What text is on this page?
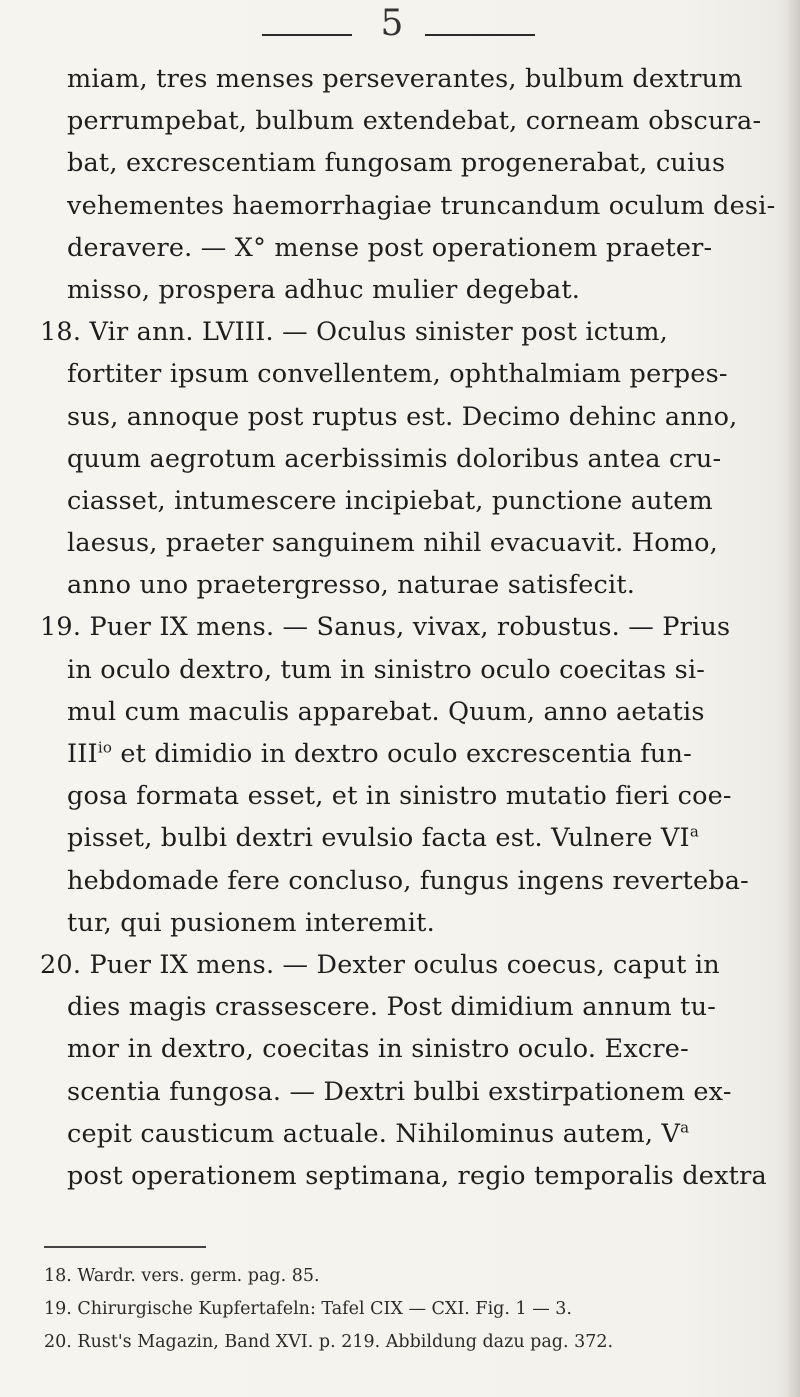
5
miam, tres menses perseverantes, bulbum dextrum
perrumpebat, bulbum extendebat, corneam obscura-
bat, excrescentiam fungosam progenerabat, cuius
vehementes haemorrhagiae truncandum oculum desi-
deravere. — X° mense post operationem praeter-
misso, prospera adhuc mulier degebat.
18. Vir ann. LVIII. — Oculus sinister post ictum,
fortiter ipsum convellentem, ophthalmiam perpes-
sus, annoque post ruptus est. Decimo dehinc anno,
quum aegrotum acerbissimis doloribus antea cru-
ciasset, intumescere incipiebat, punctione autem
laesus, praeter sanguinem nihil evacuavit. Homo,
anno uno praetergresso, naturae satisfecit.
19. Puer IX mens. — Sanus, vivax, robustus. — Prius
in oculo dextro, tum in sinistro oculo coecitas si-
mul cum maculis apparebat. Quum, anno aetatis
$III^{io}$ et dimidio in dextro oculo excrescentia fun-
gosa formata esset, et in sinistro mutatio fieri coe-
pisset, bulbi dextri evulsio facta est. Vulnere $VI^a$
hebdomade fere concluso, fungus ingens reverteba-
tur, qui pusionem interemit.
20. Puer IX mens. — Dexter oculus coecus, caput in
dies magis crassescere. Post dimidium annum tu-
mor in dextro, coecitas in sinistro oculo. Excre-
scentia fungosa. — Dextri bulbi exstirpationem ex-
cepit causticum actuale. Nihilominus autem, $V^a$
post operationem septimana, regio temporalis dextra
18. Wardr. vers. germ. pag. 85.
19. Chirurgische Kupfertafeln: Tafel CIX — CXI. Fig. 1 — 3.
20. Rust's Magazin, Band XVI. p. 219. Abbildung dazu pag. 372.
